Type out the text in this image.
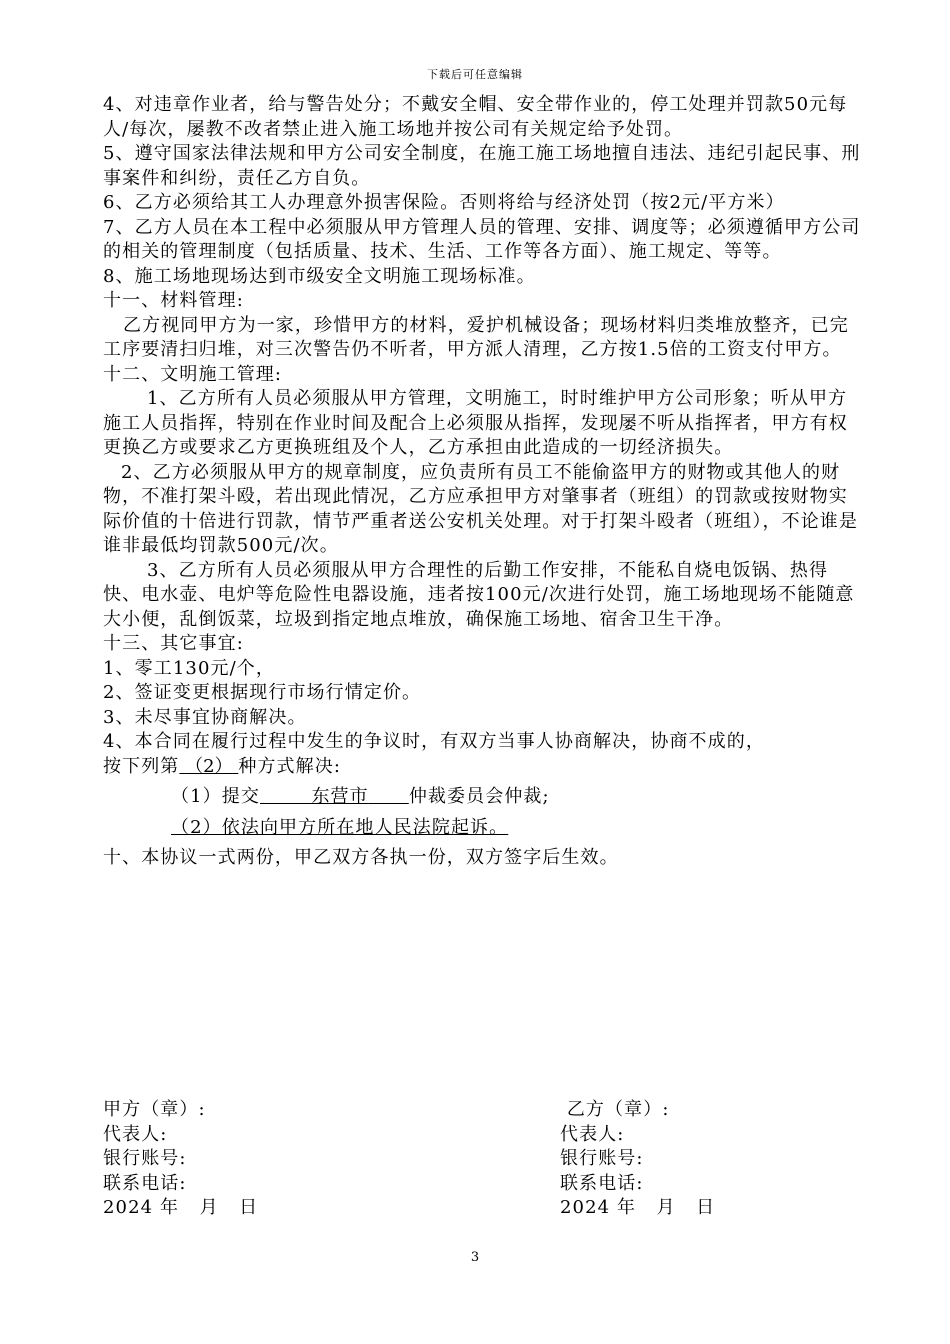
下载后可任意编辑

4、对违章作业者，给与警告处分；不戴安全帽、安全带作业的，停工处理并罚款50元每人/每次，屡教不改者禁止进入施工场地并按公司有关规定给予处罚。

5、遵守国家法律法规和甲方公司安全制度，在施工施工场地擅自违法、违纪引起民事、刑事案件和纠纷，责任乙方自负。

6、乙方必须给其工人办理意外损害保险。否则将给与经济处罚（按2元/平方米）

7、乙方人员在本工程中必须服从甲方管理人员的管理、安排、调度等；必须遵循甲方公司的相关的管理制度（包括质量、技术、生活、工作等各方面）、施工规定、等等。

8、施工场地现场达到市级安全文明施工现场标准。

十一、材料管理:

乙方视同甲方为一家，珍惜甲方的材料，爱护机械设备；现场材料归类堆放整齐，已完工序要清扫归堆，对三次警告仍不听者，甲方派人清理，乙方按1.5倍的工资支付甲方。

十二、文明施工管理:

1、乙方所有人员必须服从甲方管理，文明施工，时时维护甲方公司形象；听从甲方施工人员指挥，特别在作业时间及配合上必须服从指挥，发现屡不听从指挥者，甲方有权更换乙方或要求乙方更换班组及个人，乙方承担由此造成的一切经济损失。

2、乙方必须服从甲方的规章制度，应负责所有员工不能偷盗甲方的财物或其他人的财物，不准打架斗殴，若出现此情况，乙方应承担甲方对肇事者（班组）的罚款或按财物实际价值的十倍进行罚款，情节严重者送公安机关处理。对于打架斗殴者（班组），不论谁是谁非最低均罚款500元/次。

3、乙方所有人员必须服从甲方合理性的后勤工作安排，不能私自烧电饭锅、热得快、电水壶、电炉等危险性电器设施，违者按100元/次进行处罚，施工场地现场不能随意大小便，乱倒饭菜，垃圾到指定地点堆放，确保施工场地、宿舍卫生干净。

十三、其它事宜:

1、零工130元/个，

2、签证变更根据现行市场行情定价。

3、未尽事宜协商解决。

4、本合同在履行过程中发生的争议时，有双方当事人协商解决，协商不成的，

按下列第 （2） 种方式解决:

（1）提交	东营市 仲裁委员会仲裁;

（2）依法向甲方所在地人民法院起诉。

十、本协议一式两份，甲乙双方各执一份，双方签字后生效。

甲方（章）:

代表人:

银行账号:

联系电话:

2024 年   月   日

乙方（章）:

代表人:

银行账号:

联系电话:

2024 年   月   日

3
